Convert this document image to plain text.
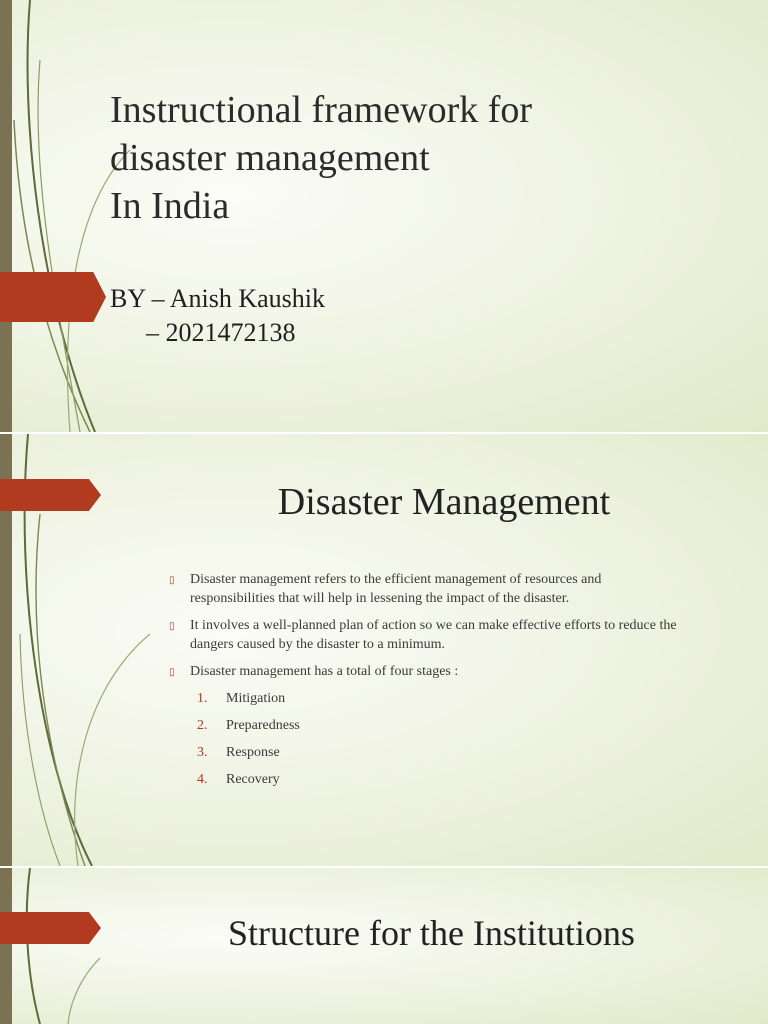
Instructional framework for
disaster management
In India
BY – Anish Kaushik
– 2021472138
Disaster Management
▯ Disaster management refers to the efficient management of resources and responsibilities that will help in lessening the impact of the disaster.
▯ It involves a well-planned plan of action so we can make effective efforts to reduce the dangers caused by the disaster to a minimum.
▯ Disaster management has a total of four stages :
1. Mitigation
2. Preparedness
3. Response
4. Recovery
Structure for the Institutions
